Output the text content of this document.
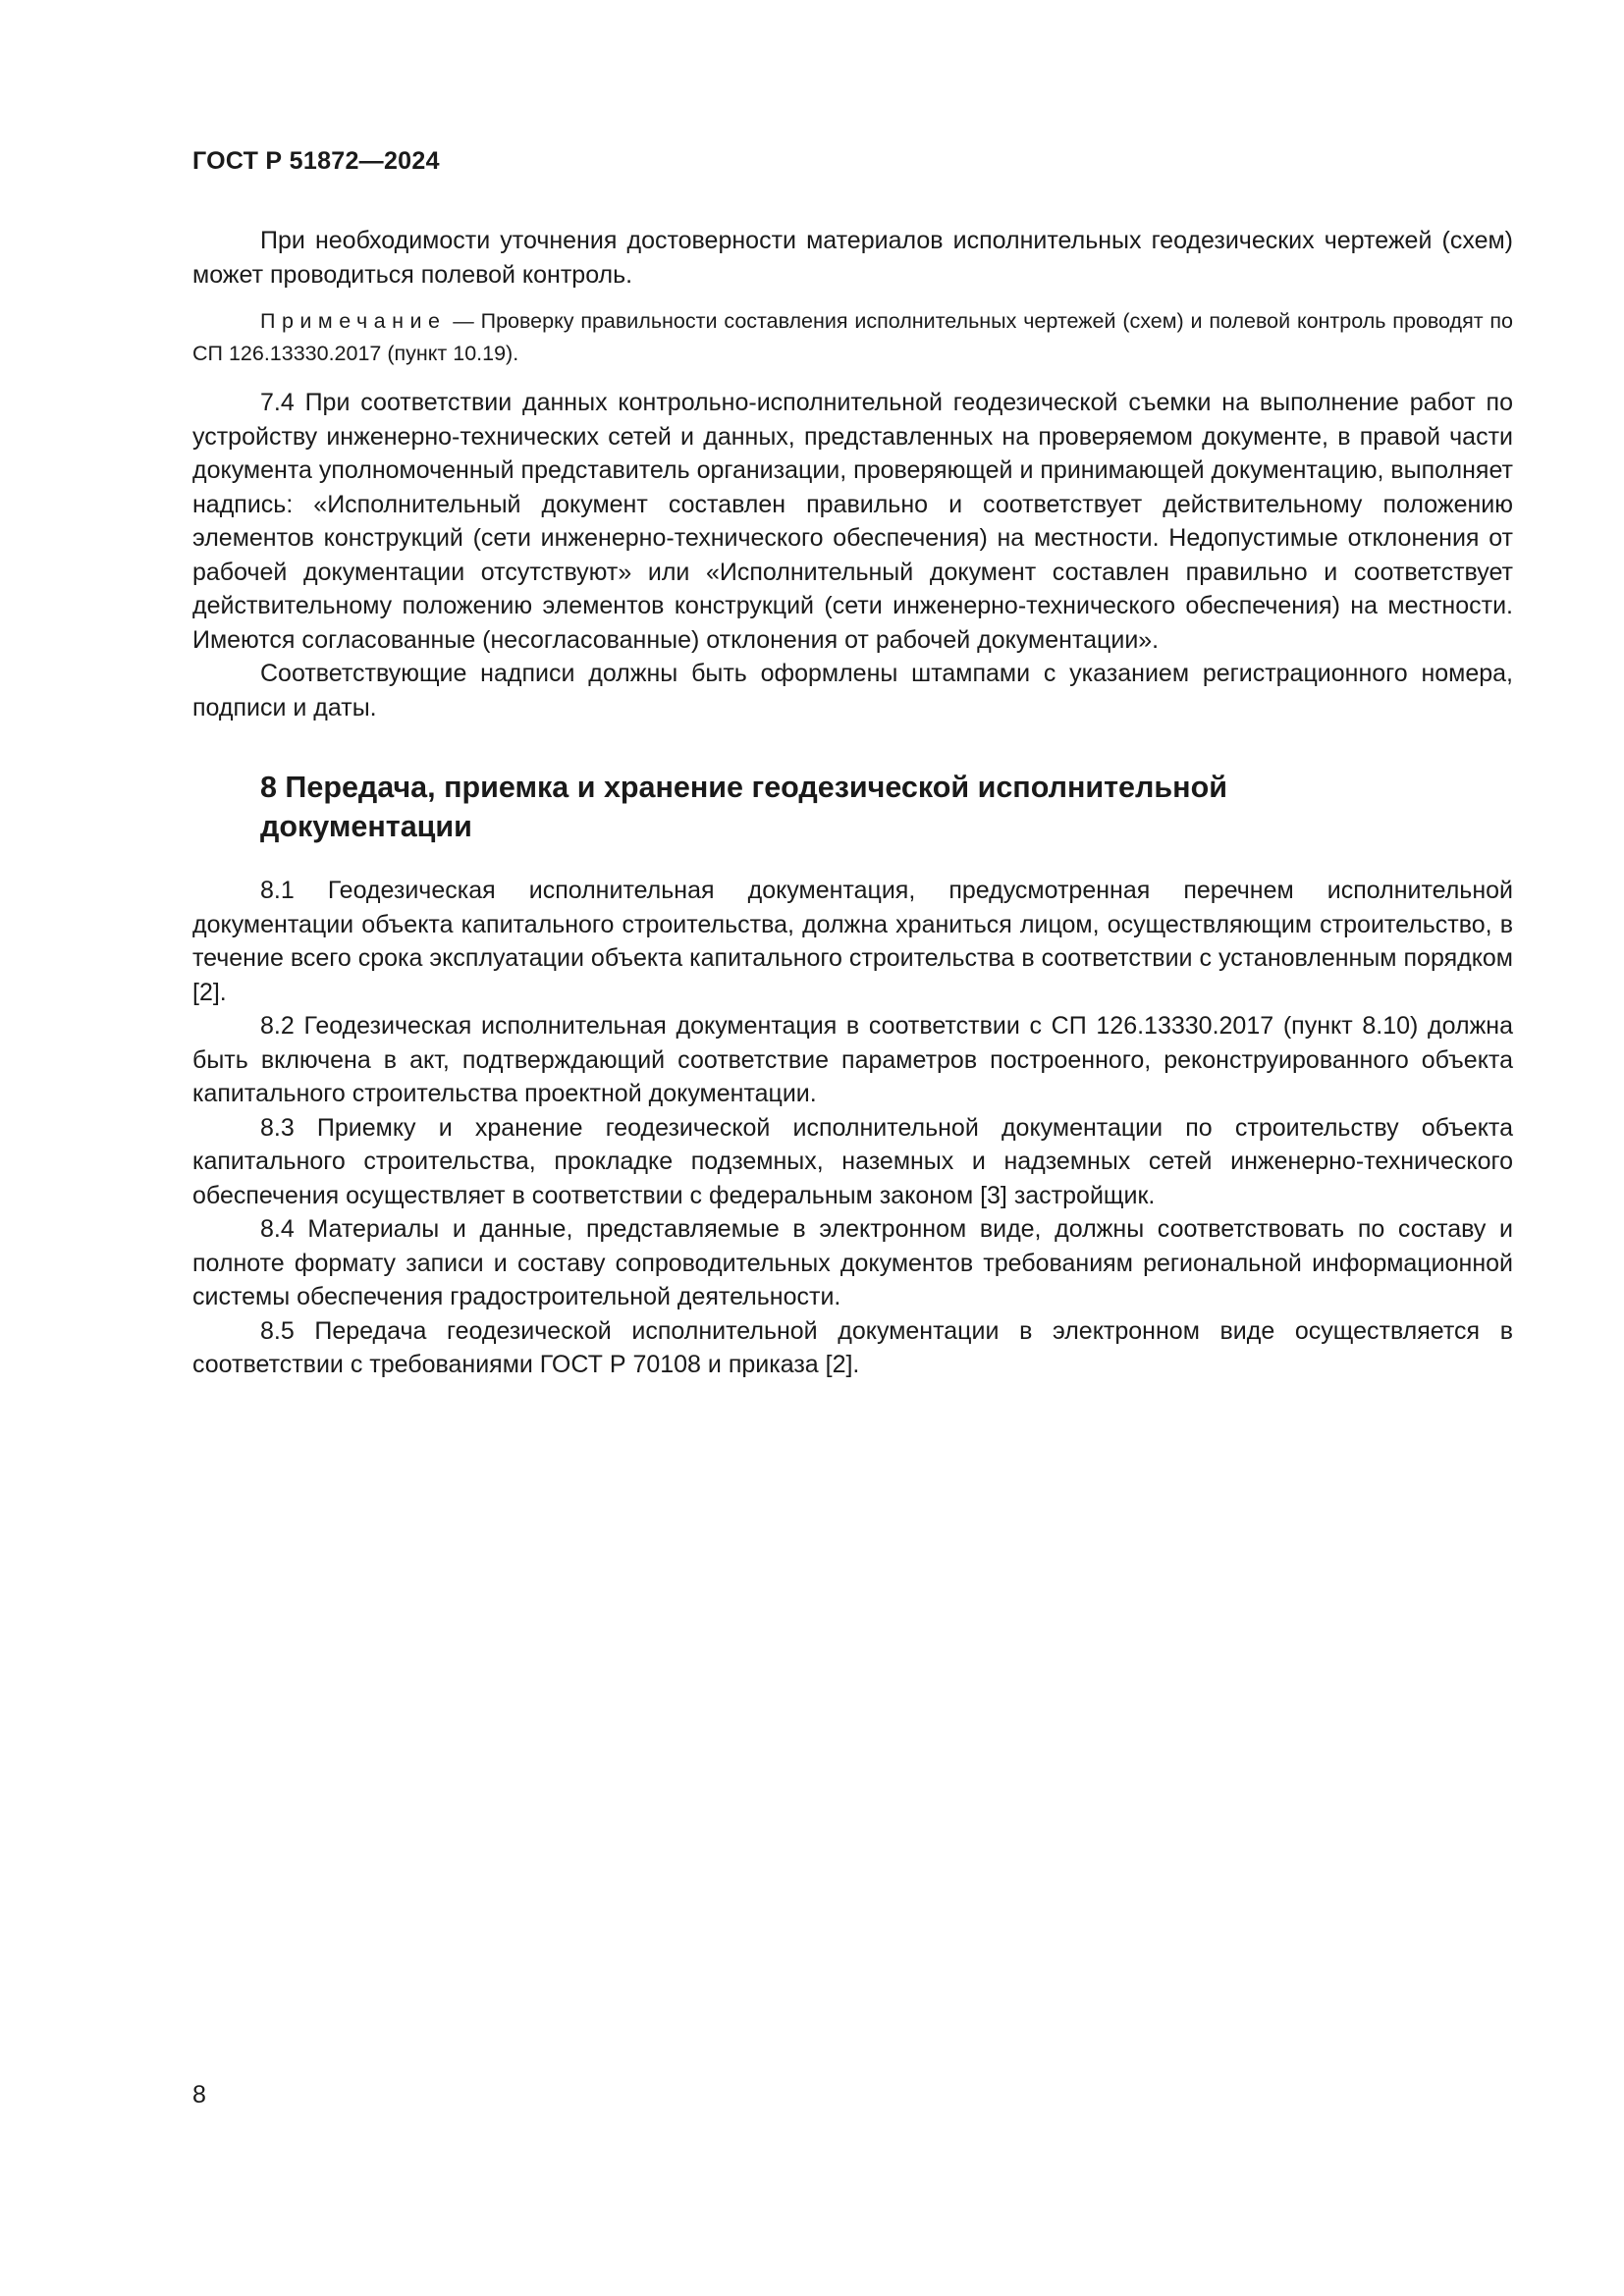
ГОСТ Р 51872—2024

При необходимости уточнения достоверности материалов исполнительных геодезических чертежей (схем) может проводиться полевой контроль.

Примечание — Проверку правильности составления исполнительных чертежей (схем) и полевой контроль проводят по СП 126.13330.2017 (пункт 10.19).

7.4 При соответствии данных контрольно-исполнительной геодезической съемки на выполнение работ по устройству инженерно-технических сетей и данных, представленных на проверяемом документе, в правой части документа уполномоченный представитель организации, проверяющей и принимающей документацию, выполняет надпись: «Исполнительный документ составлен правильно и соответствует действительному положению элементов конструкций (сети инженерно-технического обеспечения) на местности. Недопустимые отклонения от рабочей документации отсутствуют» или «Исполнительный документ составлен правильно и соответствует действительному положению элементов конструкций (сети инженерно-технического обеспечения) на местности. Имеются согласованные (несогласованные) отклонения от рабочей документации».

Соответствующие надписи должны быть оформлены штампами с указанием регистрационного номера, подписи и даты.

8 Передача, приемка и хранение геодезической исполнительной документации

8.1 Геодезическая исполнительная документация, предусмотренная перечнем исполнительной документации объекта капитального строительства, должна храниться лицом, осуществляющим строительство, в течение всего срока эксплуатации объекта капитального строительства в соответствии с установленным порядком [2].

8.2 Геодезическая исполнительная документация в соответствии с СП 126.13330.2017 (пункт 8.10) должна быть включена в акт, подтверждающий соответствие параметров построенного, реконструированного объекта капитального строительства проектной документации.

8.3 Приемку и хранение геодезической исполнительной документации по строительству объекта капитального строительства, прокладке подземных, наземных и надземных сетей инженерно-технического обеспечения осуществляет в соответствии с федеральным законом [3] застройщик.

8.4 Материалы и данные, представляемые в электронном виде, должны соответствовать по составу и полноте формату записи и составу сопроводительных документов требованиям региональной информационной системы обеспечения градостроительной деятельности.

8.5 Передача геодезической исполнительной документации в электронном виде осуществляется в соответствии с требованиями ГОСТ Р 70108 и приказа [2].

8
